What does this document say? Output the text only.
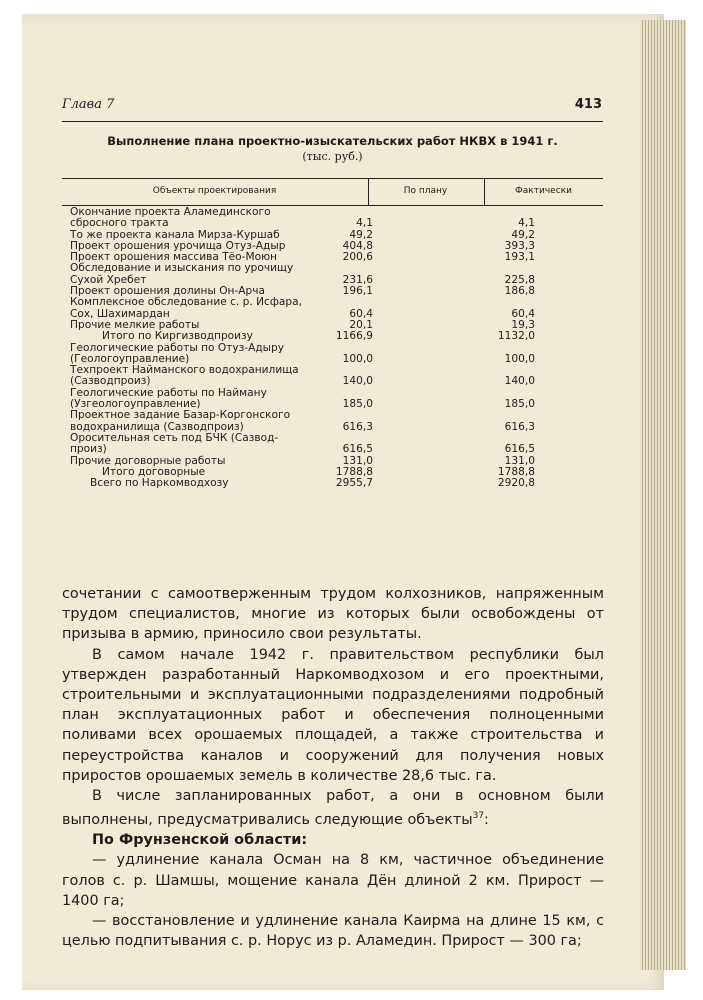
Глава 7	413
Выполнение плана проектно-изыскательских работ НКВХ в 1941 г.
(тыс. руб.)
Объекты проектирования	По плану	Фактически
Окончание проекта Аламединского
сбросного тракта	4,1	4,1
То же проекта канала Мирза-Куршаб	49,2	49,2
Проект орошения урочища Отуз-Адыр	404,8	393,3
Проект орошения массива Тёо-Моюн	200,6	193,1
Обследование и изыскания по урочищу
Сухой Хребет	231,6	225,8
Проект орошения долины Он-Арча	196,1	186,8
Комплексное обследование с. р. Исфара,
Сох, Шахимардан	60,4	60,4
Прочие мелкие работы	20,1	19,3
Итого по Киргизводпроизу	1166,9	1132,0
Геологические работы по Отуз-Адыру
(Геологоуправление)	100,0	100,0
Техпроект Найманского водохранилища
(Сазводпроиз)	140,0	140,0
Геологические работы по Найману
(Узгеологоуправление)	185,0	185,0
Проектное задание Базар-Коргонского
водохранилища (Сазводпроиз)	616,3	616,3
Оросительная сеть под БЧК (Сазвод-
произ)	616,5	616,5
Прочие договорные работы	131,0	131,0
Итого договорные	1788,8	1788,8
Всего по Наркомводхозу	2955,7	2920,8

сочетании с самоотверженным трудом колхозников, напряженным трудом специалистов, многие из которых были освобождены от призыва в армию, приносило свои результаты.

В самом начале 1942 г. правительством республики был утвержден разработанный Наркомводхозом и его проектными, строительными и эксплуатационными подразделениями подробный план эксплуатационных работ и обеспечения полноценными поливами всех орошаемых площадей, а также строительства и переустройства каналов и сооружений для получения новых приростов орошаемых земель в количестве 28,6 тыс. га.

В числе запланированных работ, а они в основном были выполнены, предусматривались следующие объекты$^{37}$:

По Фрунзенской области:

— удлинение канала Осман на 8 км, частичное объединение голов с. р. Шамшы, мощение канала Дён длиной 2 км. Прирост — 1400 га;

— восстановление и удлинение канала Каирма на длине 15 км, с целью подпитывания с. р. Норус из р. Аламедин. Прирост — 300 га;
